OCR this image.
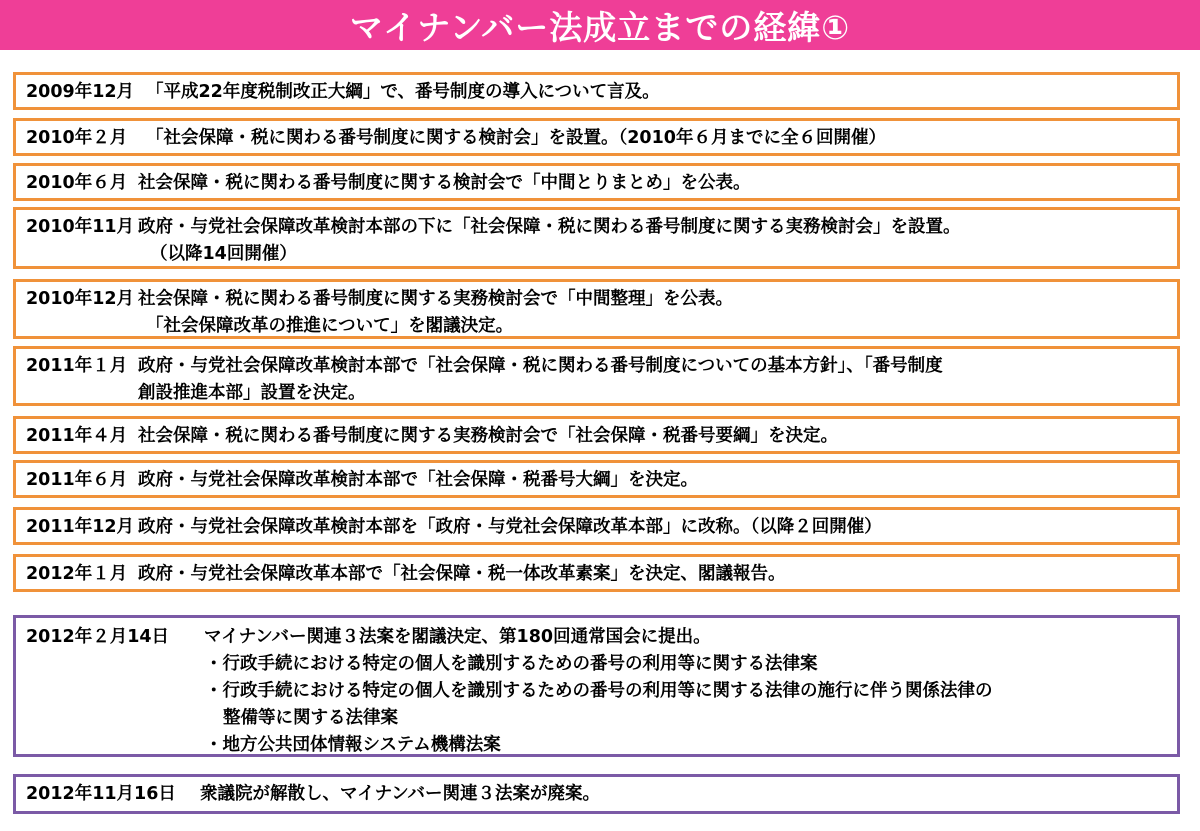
マイナンバー法成立までの経緯①
2009年12月 「平成22年度税制改正大綱」で、番号制度の導入について言及。
2010年２月	「社会保障・税に関わる番号制度に関する検討会」を設置。（2010年６月までに全６回開催）
2010年６月 社会保障・税に関わる番号制度に関する検討会で「中間とりまとめ」を公表。
2010年11月 政府・与党社会保障改革検討本部の下に「社会保障・税に関わる番号制度に関する実務検討会」を設置。
（以降14回開催）
2010年12月 社会保障・税に関わる番号制度に関する実務検討会で「中間整理」を公表。
「社会保障改革の推進について」を閣議決定。
2011年１月 政府・与党社会保障改革検討本部で「社会保障・税に関わる番号制度についての基本方針」、「番号制度
創設推進本部」設置を決定。
2011年４月 社会保障・税に関わる番号制度に関する実務検討会で「社会保障・税番号要綱」を決定。
2011年６月 政府・与党社会保障改革検討本部で「社会保障・税番号大綱」を決定。
2011年12月 政府・与党社会保障改革検討本部を「政府・与党社会保障改革本部」に改称。（以降２回開催）
2012年１月 政府・与党社会保障改革本部で「社会保障・税一体改革素案」を決定、閣議報告。
2012年２月14日	マイナンバー関連３法案を閣議決定、第180回通常国会に提出。
・行政手続における特定の個人を識別するための番号の利用等に関する法律案
・行政手続における特定の個人を識別するための番号の利用等に関する法律の施行に伴う関係法律の
整備等に関する法律案
・地方公共団体情報システム機構法案
2012年11月16日	衆議院が解散し、マイナンバー関連３法案が廃案。
